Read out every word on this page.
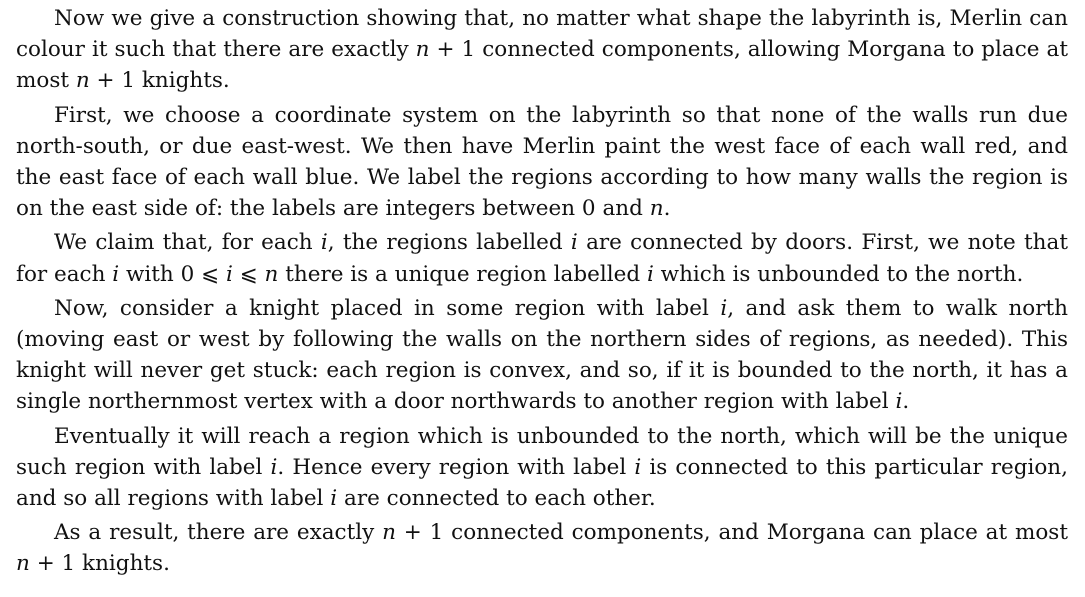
Now we give a construction showing that, no matter what shape the labyrinth is, Merlin can colour it such that there are exactly n + 1 connected components, allowing Morgana to place at most n + 1 knights.

First, we choose a coordinate system on the labyrinth so that none of the walls run due north-south, or due east-west. We then have Merlin paint the west face of each wall red, and the east face of each wall blue. We label the regions according to how many walls the region is on the east side of: the labels are integers between 0 and n.

We claim that, for each i, the regions labelled i are connected by doors. First, we note that for each i with 0 ⩽ i ⩽ n there is a unique region labelled i which is unbounded to the north.

Now, consider a knight placed in some region with label i, and ask them to walk north (moving east or west by following the walls on the northern sides of regions, as needed). This knight will never get stuck: each region is convex, and so, if it is bounded to the north, it has a single northernmost vertex with a door northwards to another region with label i.

Eventually it will reach a region which is unbounded to the north, which will be the unique such region with label i. Hence every region with label i is connected to this particular region, and so all regions with label i are connected to each other.

As a result, there are exactly n + 1 connected components, and Morgana can place at most n + 1 knights.
